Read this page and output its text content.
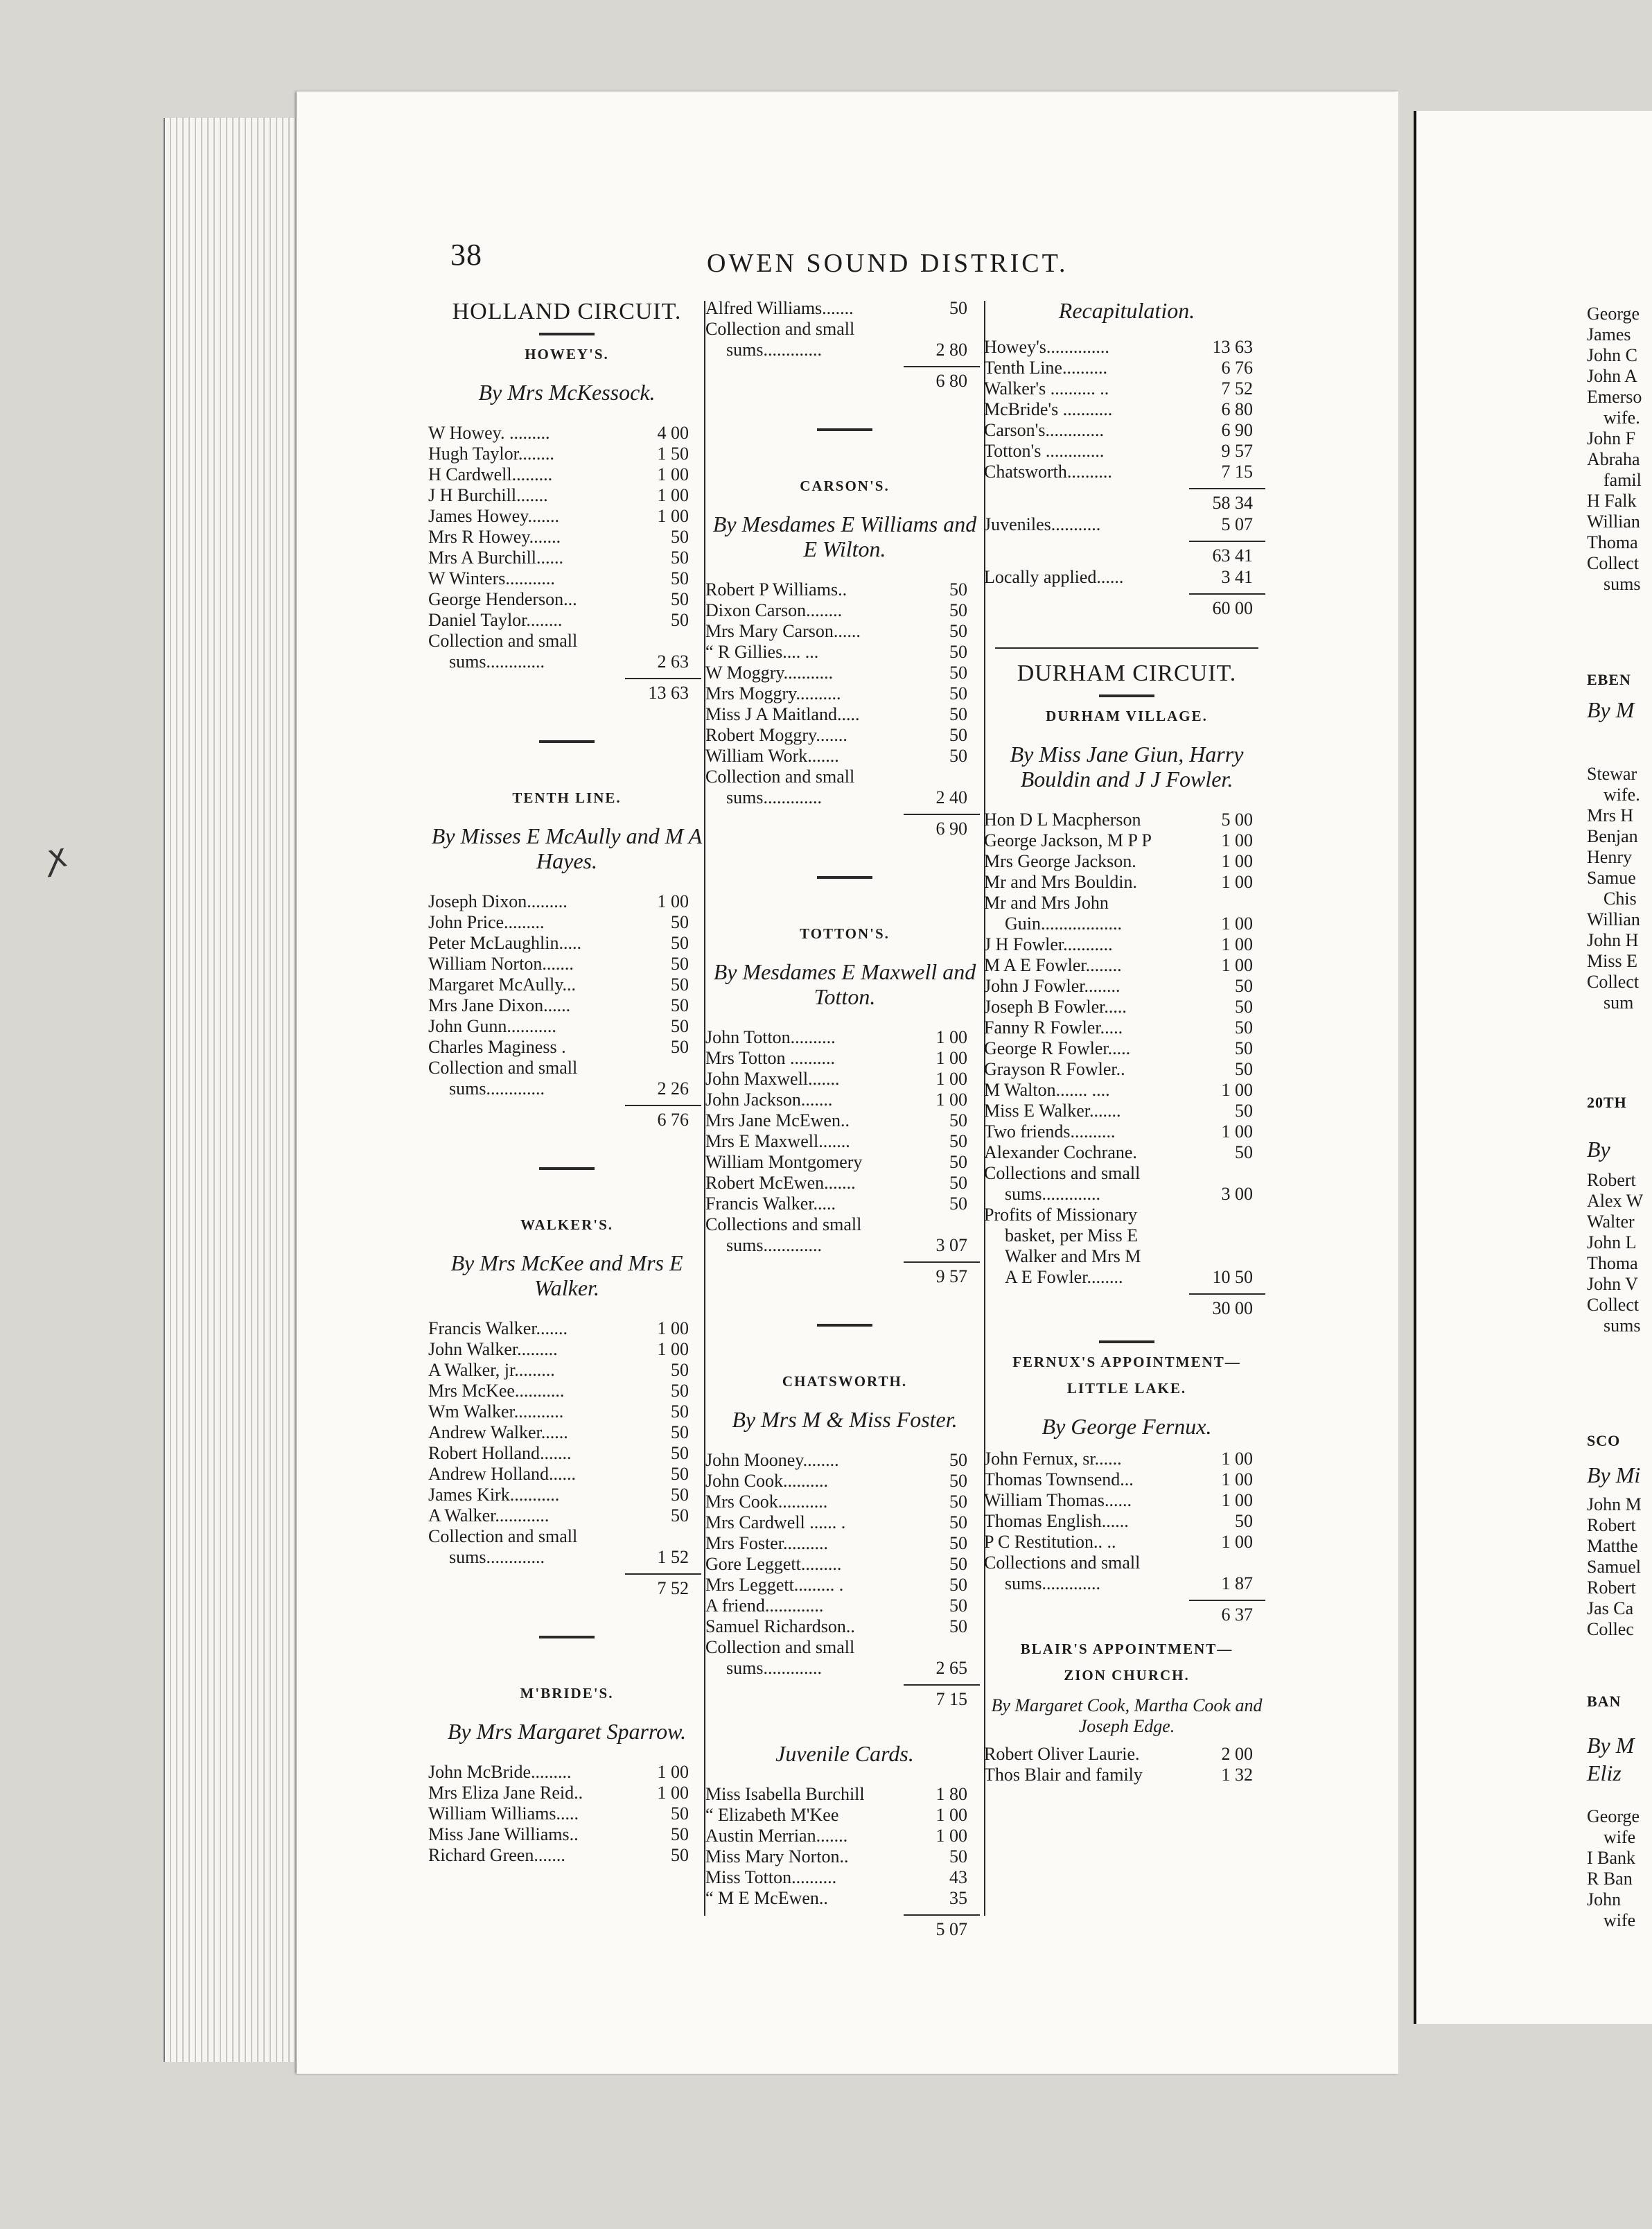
ꭗ
38	OWEN SOUND DISTRICT.
HOLLAND CIRCUIT.
HOWEY'S.
By Mrs McKessock.
W Howey. .........	4 00
Hugh Taylor........	1 50
H Cardwell.........	1 00
J H Burchill.......	1 00
James Howey.......	1 00
Mrs R Howey.......	50
Mrs A Burchill......	50
W Winters...........	50
George Henderson...	50
Daniel Taylor........	50
Collection and small
sums.............	2 63
13 63
TENTH LINE.
By Misses E McAully and M A Hayes.
Joseph Dixon.........	1 00
John Price.........	50
Peter McLaughlin.....	50
William Norton.......	50
Margaret McAully...	50
Mrs Jane Dixon......	50
John Gunn...........	50
Charles Maginess .	50
Collection and small
sums.............	2 26
6 76
WALKER'S.
By Mrs McKee and Mrs E Walker.
Francis Walker.......	1 00
John Walker.........	1 00
A Walker, jr.........	50
Mrs McKee...........	50
Wm Walker...........	50
Andrew Walker......	50
Robert Holland.......	50
Andrew Holland......	50
James Kirk...........	50
A Walker............	50
Collection and small
sums.............	1 52
7 52
M'BRIDE'S.
By Mrs Margaret Sparrow.
John McBride.........	1 00
Mrs Eliza Jane Reid..	1 00
William Williams.....	50
Miss Jane Williams..	50
Richard Green.......	50
Alfred Williams.......	50
Collection and small
sums.............	2 80
6 80
CARSON'S.
By Mesdames E Williams and E Wilton.
Robert P Williams..	50
Dixon Carson........	50
Mrs Mary Carson......	50
“ R Gillies.... ...	50
W Moggry...........	50
Mrs Moggry..........	50
Miss J A Maitland.....	50
Robert Moggry.......	50
William Work.......	50
Collection and small
sums.............	2 40
6 90
TOTTON'S.
By Mesdames E Maxwell and Totton.
John Totton..........	1 00
Mrs Totton ..........	1 00
John Maxwell.......	1 00
John Jackson.......	1 00
Mrs Jane McEwen..	50
Mrs E Maxwell.......	50
William Montgomery	50
Robert McEwen.......	50
Francis Walker.....	50
Collections and small
sums.............	3 07
9 57
CHATSWORTH.
By Mrs M & Miss Foster.
John Mooney........	50
John Cook..........	50
Mrs Cook...........	50
Mrs Cardwell ...... .	50
Mrs Foster..........	50
Gore Leggett.........	50
Mrs Leggett......... .	50
A friend.............	50
Samuel Richardson..	50
Collection and small
sums.............	2 65
7 15
Juvenile Cards.
Miss Isabella Burchill	1 80
“ Elizabeth M'Kee	1 00
Austin Merrian.......	1 00
Miss Mary Norton..	50
Miss Totton..........	43
“ M E McEwen..	35
5 07
Recapitulation.
Howey's..............	13 63
Tenth Line..........	6 76
Walker's .......... ..	7 52
McBride's ...........	6 80
Carson's.............	6 90
Totton's .............	9 57
Chatsworth..........	7 15
58 34
Juveniles...........	5 07
63 41
Locally applied......	3 41
60 00
DURHAM CIRCUIT.
DURHAM VILLAGE.
By Miss Jane Giun, Harry Bouldin and J J Fowler.
Hon D L Macpherson	5 00
George Jackson, M P P	1 00
Mrs George Jackson.	1 00
Mr and Mrs Bouldin.	1 00
Mr and Mrs John
Guin..................	1 00
J H Fowler...........	1 00
M A E Fowler........	1 00
John J Fowler........	50
Joseph B Fowler.....	50
Fanny R Fowler.....	50
George R Fowler.....	50
Grayson R Fowler..	50
M Walton....... ....	1 00
Miss E Walker.......	50
Two friends..........	1 00
Alexander Cochrane.	50
Collections and small
sums.............	3 00
Profits of Missionary
basket, per Miss E
Walker and Mrs M
A E Fowler........	10 50
30 00
FERNUX'S APPOINTMENT—
LITTLE LAKE.
By George Fernux.
John Fernux, sr......	1 00
Thomas Townsend...	1 00
William Thomas......	1 00
Thomas English......	50
P C Restitution.. ..	1 00
Collections and small
sums.............	1 87
6 37
BLAIR'S APPOINTMENT—
ZION CHURCH.
By Margaret Cook, Martha Cook and Joseph Edge.
Robert Oliver Laurie.	2 00
Thos Blair and family	1 32
George
James
John C
John A
Emerso
wife.
John F
Abraha
famil
H Falk
Willian
Thoma
Collect
sums
EBEN
By M
Stewar
wife.
Mrs H
Benjan
Henry
Samue
Chis
Willian
John H
Miss E
Collect
sum
20TH
By
Robert
Alex W
Walter
John L
Thoma
John V
Collect
sums
SCO
By Mi
John M
Robert
Matthe
Samuel
Robert
Jas Ca
Collec
BAN
By M
Eliz
George
wife
I Bank
R Ban
John
wife
